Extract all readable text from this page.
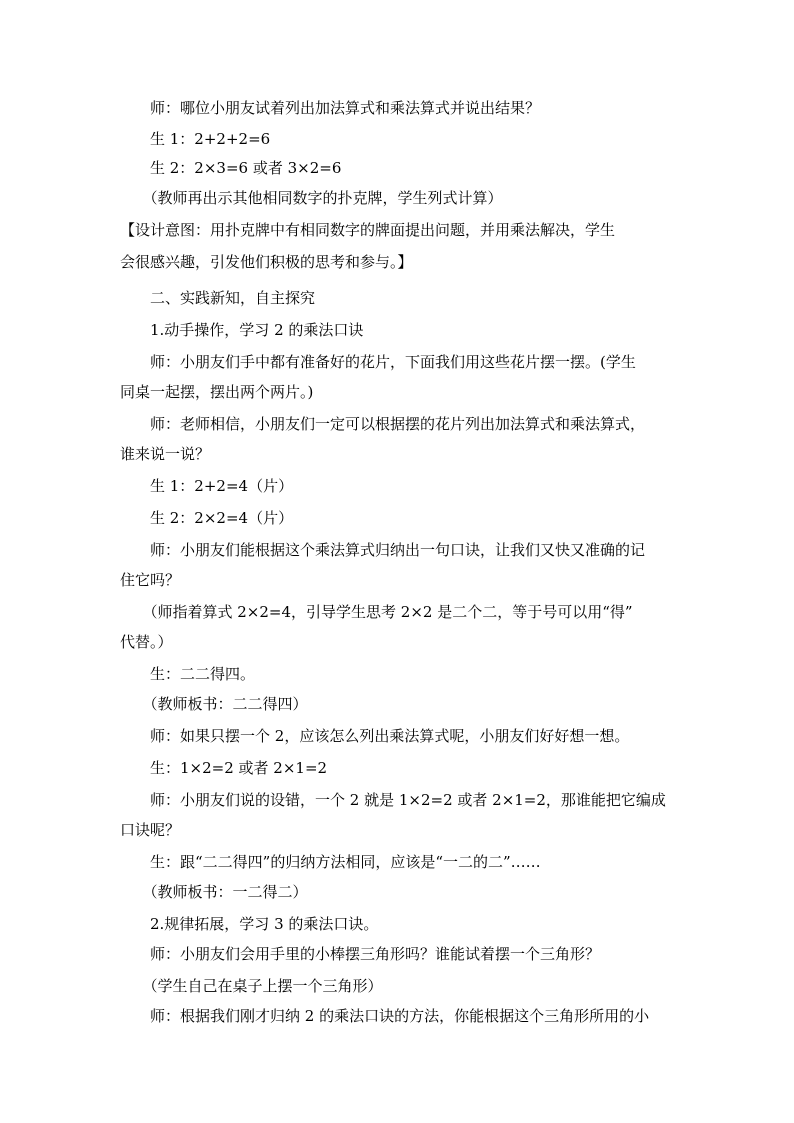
　　师：哪位小朋友试着列出加法算式和乘法算式并说出结果？
　　生 1：2+2+2=6
　　生 2：2×3=6 或者 3×2=6
　　（教师再出示其他相同数字的扑克牌，学生列式计算）
【设计意图：用扑克牌中有相同数字的牌面提出问题，并用乘法解决，学生
会很感兴趣，引发他们积极的思考和参与。】
　　二、实践新知，自主探究
　　1.动手操作，学习 2 的乘法口诀
　　师：小朋友们手中都有准备好的花片，下面我们用这些花片摆一摆。(学生
同桌一起摆，摆出两个两片。)
　　师：老师相信，小朋友们一定可以根据摆的花片列出加法算式和乘法算式，
谁来说一说？
　　生 1：2+2=4（片）
　　生 2：2×2=4（片）
　　师：小朋友们能根据这个乘法算式归纳出一句口诀，让我们又快又准确的记
住它吗？
　　（师指着算式 2×2=4，引导学生思考 2×2 是二个二，等于号可以用“得”
代替。）
　　生：二二得四。
　　（教师板书：二二得四）
　　师：如果只摆一个 2，应该怎么列出乘法算式呢，小朋友们好好想一想。
　　生：1×2=2 或者 2×1=2
　　师：小朋友们说的设错，一个 2 就是 1×2=2 或者 2×1=2，那谁能把它编成
口诀呢？
　　生：跟“二二得四”的归纳方法相同，应该是“一二的二”……
　　（教师板书：一二得二）
　　2.规律拓展，学习 3 的乘法口诀。
　　师：小朋友们会用手里的小棒摆三角形吗？谁能试着摆一个三角形？
　　（学生自己在桌子上摆一个三角形）
　　师：根据我们刚才归纳 2 的乘法口诀的方法，你能根据这个三角形所用的小
